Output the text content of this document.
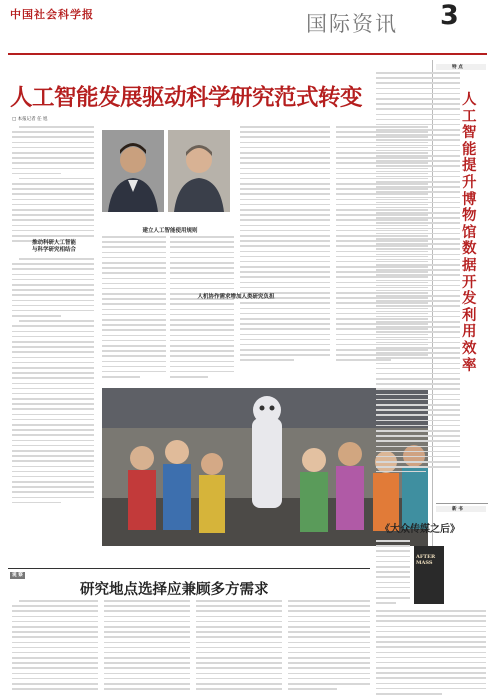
中国社会科学报	国际资讯 3
人工智能发展驱动科学研究范式转变
□ 本报记者 任 旭
推动科研人工智能
与科学研究相结合
建立人工智能使用规则
人机协作需求增加人类研究负担
特 点
人工智能提升博物馆数据开发利用效率
新 书
《大众传媒之后》
AFTER MASS
观 察
研究地点选择应兼顾多方需求
